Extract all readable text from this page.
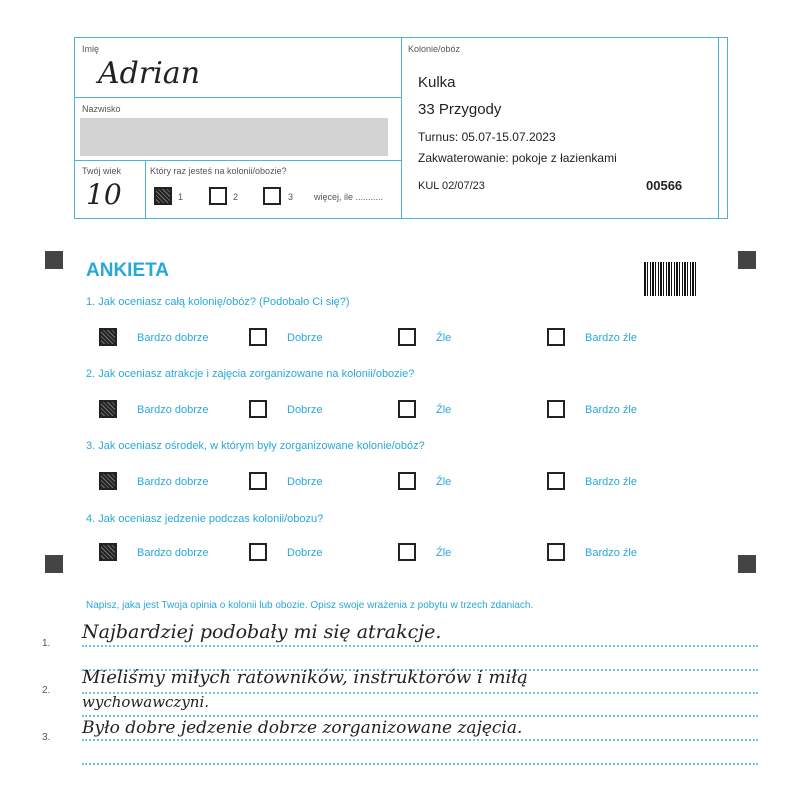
Imię
Adrian
Nazwisko
Twój wiek
10
Który raz jesteś na kolonii/obozie?
1	2	3 więcej, ile ...........
Kolonie/obóz
Kulka
33 Przygody
Turnus: 05.07-15.07.2023
Zakwaterowanie: pokoje z łazienkami
KUL 02/07/23	00566
ANKIETA
1. Jak oceniasz całą kolonię/obóz? (Podobało Ci się?)
2. Jak oceniasz atrakcje i zajęcia zorganizowane na kolonii/obozie?
3. Jak oceniasz ośrodek, w którym były zorganizowane kolonie/obóz?
4. Jak oceniasz jedzenie podczas kolonii/obozu?
Bardzo dobrze	Dobrze	Źle	Bardzo źle
Bardzo dobrze	Dobrze	Źle	Bardzo źle
Bardzo dobrze	Dobrze	Źle	Bardzo źle
Bardzo dobrze	Dobrze	Źle	Bardzo źle
Napisz, jaka jest Twoja opinia o kolonii lub obozie. Opisz swoje wrażenia z pobytu w trzech zdaniach.
1.
2.
3.
Najbardziej podobały mi się atrakcje.
Mieliśmy miłych ratowników, instruktorów i miłą
wychowawczyni.
Było dobre jedzenie dobrze zorganizowane zajęcia.
